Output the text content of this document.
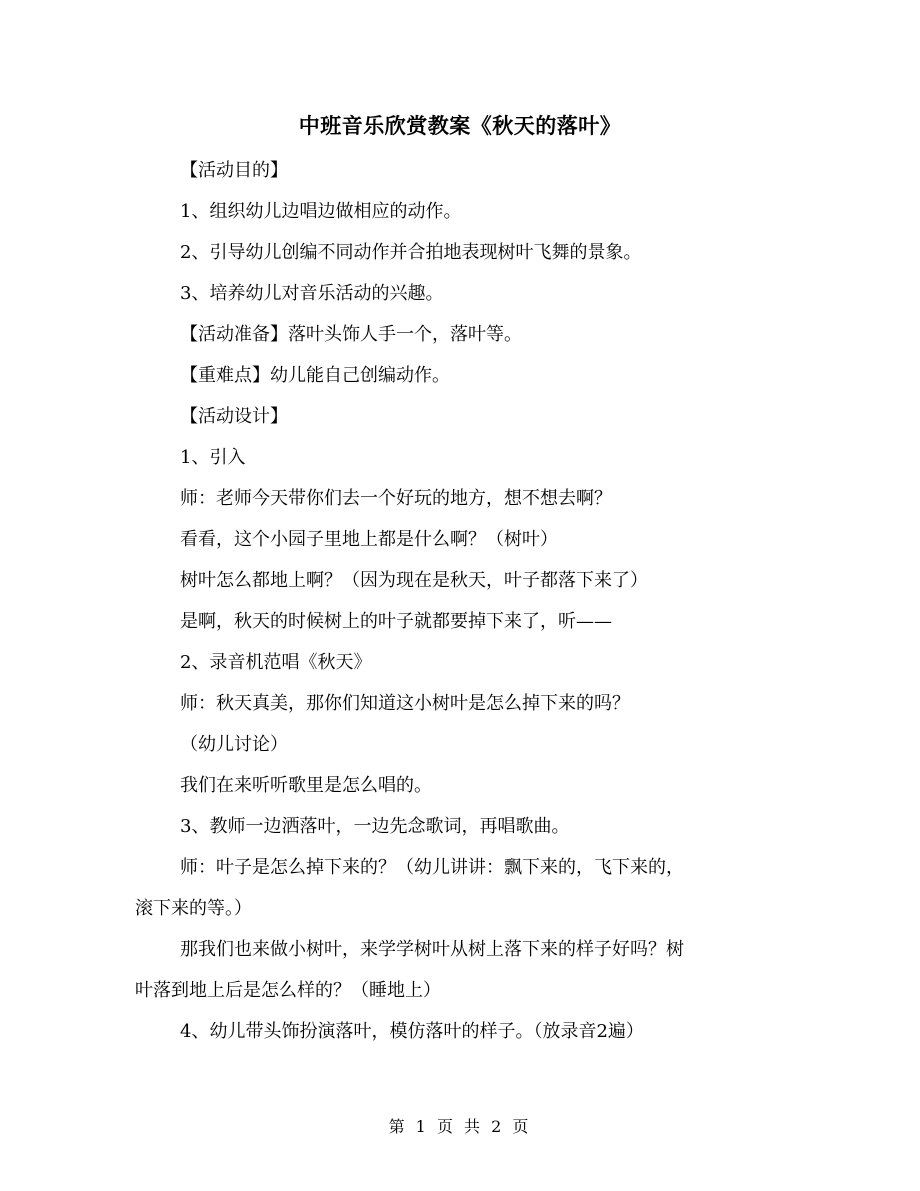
中班音乐欣赏教案《秋天的落叶》
【活动目的】
1、组织幼儿边唱边做相应的动作。
2、引导幼儿创编不同动作并合拍地表现树叶飞舞的景象。
3、培养幼儿对音乐活动的兴趣。
【活动准备】落叶头饰人手一个，落叶等。
【重难点】幼儿能自己创编动作。
【活动设计】
1、引入
师：老师今天带你们去一个好玩的地方，想不想去啊？
看看，这个小园子里地上都是什么啊？（树叶）
树叶怎么都地上啊？（因为现在是秋天，叶子都落下来了）
是啊，秋天的时候树上的叶子就都要掉下来了，听——
2、录音机范唱《秋天》
师：秋天真美，那你们知道这小树叶是怎么掉下来的吗？
（幼儿讨论）
我们在来听听歌里是怎么唱的。
3、教师一边洒落叶，一边先念歌词，再唱歌曲。
师：叶子是怎么掉下来的？（幼儿讲讲：飘下来的，飞下来的，
滚下来的等。）
那我们也来做小树叶，来学学树叶从树上落下来的样子好吗？树
叶落到地上后是怎么样的？（睡地上）
4、幼儿带头饰扮演落叶，模仿落叶的样子。（放录音2遍）
第 1 页 共 2 页
